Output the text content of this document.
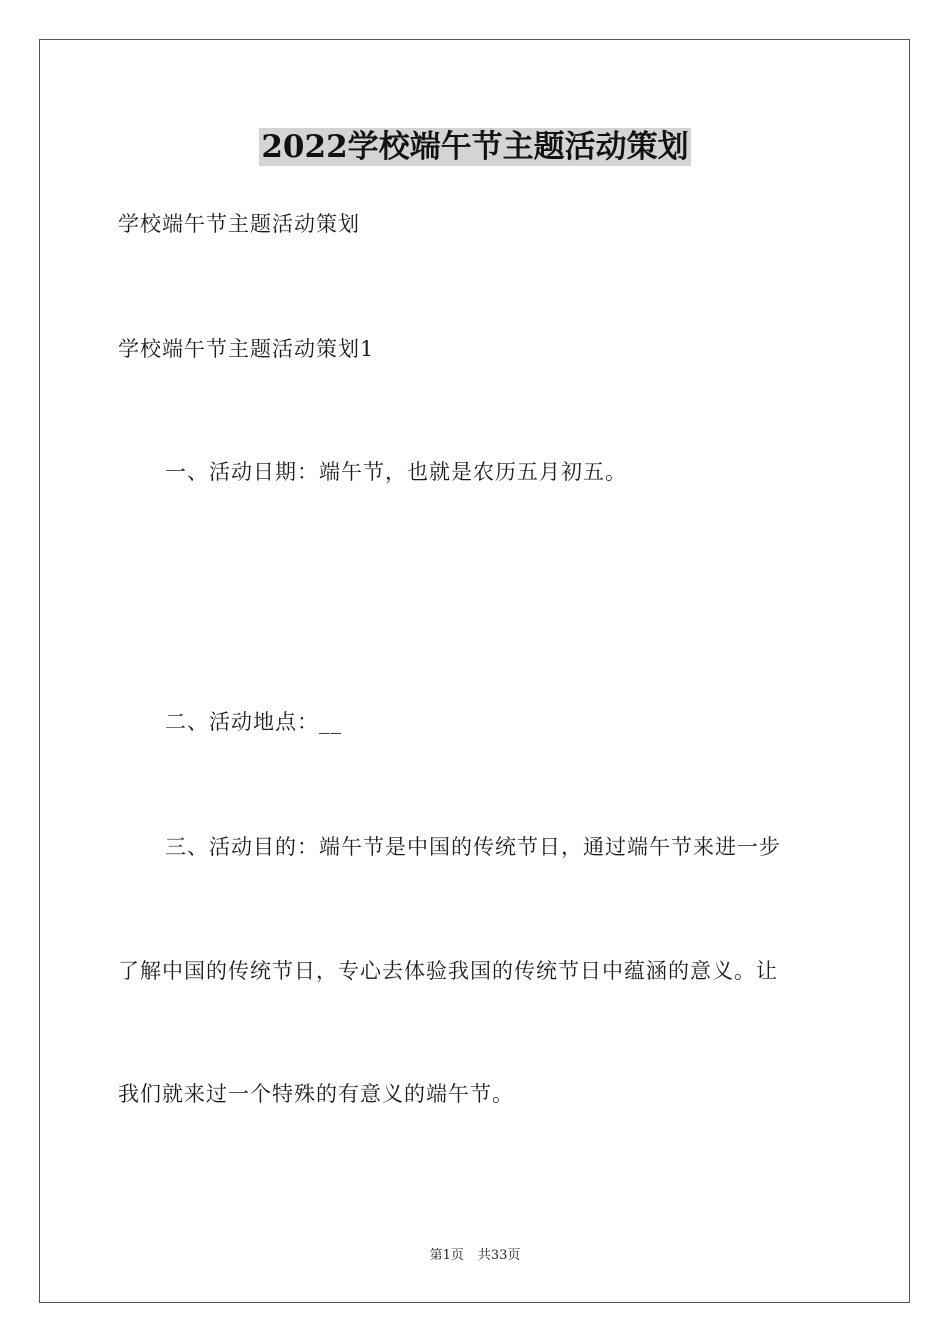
2022学校端午节主题活动策划
学校端午节主题活动策划
学校端午节主题活动策划1
一、活动日期：端午节，也就是农历五月初五。
二、活动地点：__
三、活动目的：端午节是中国的传统节日，通过端午节来进一步
了解中国的传统节日，专心去体验我国的传统节日中蕴涵的意义。让
我们就来过一个特殊的有意义的端午节。
第1页 共33页
